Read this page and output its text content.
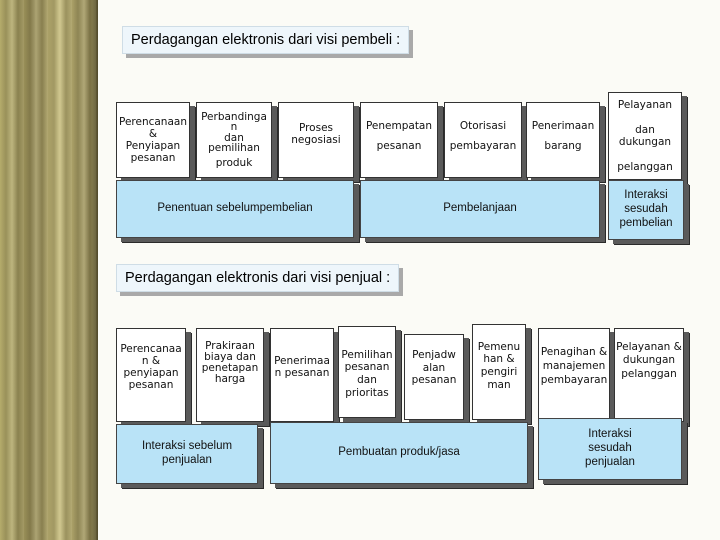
Perdagangan elektronis dari visi pembeli :
Perencanaan
&
Penyiapan
pesanan
Perbandinga
n
dan
pemilihan
produk
Proses
negosiasi
Penempatan
pesanan
Otorisasi
pembayaran
Penerimaan
barang
Pelayanan
dan
dukungan
pelanggan
Penentuan sebelumpembelian	Pembelanjaan
Interaksi sesudah pembelian
Perdagangan elektronis dari visi penjual :
Perencanaa
n &
penyiapan
pesanan
Prakiraan
biaya dan
penetapan
harga
Penerimaa
n pesanan
Pemilihan
pesanan
dan
prioritas
Penjadw
alan
pesanan
Pemenu
han &
pengiri
man
Penagihan &
manajemen
pembayaran
Pelayanan &
dukungan
pelanggan
Interaksi sebelum penjualan
Pembuatan produk/jasa
Interaksi sesudah penjualan
